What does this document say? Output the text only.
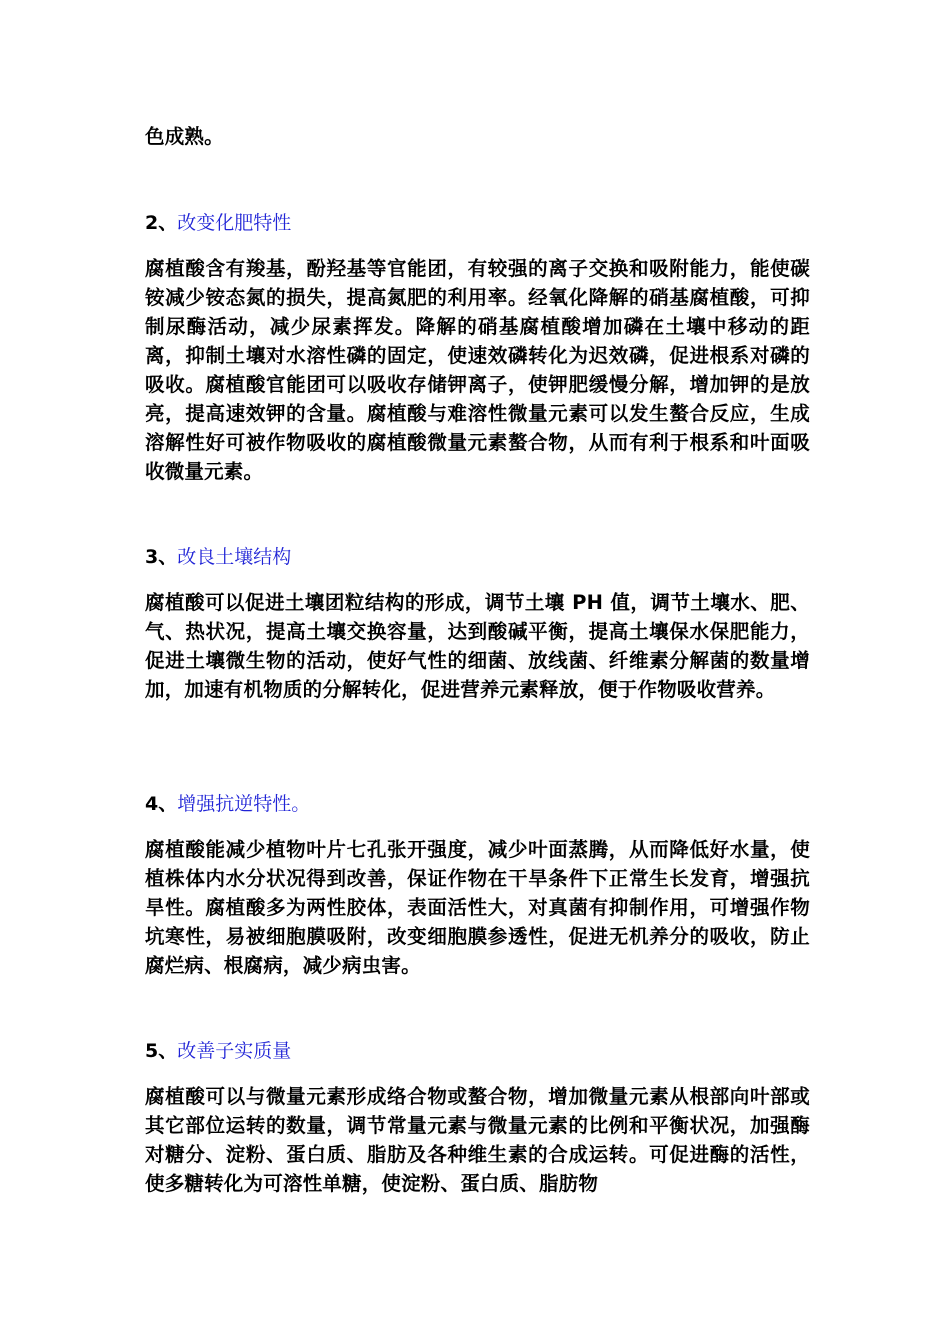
色成熟。
2、改变化肥特性
腐植酸含有羧基，酚羟基等官能团，有较强的离子交换和吸附能力，能使碳铵减少铵态氮的损失，提高氮肥的利用率。经氧化降解的硝基腐植酸，可抑制尿酶活动，减少尿素挥发。降解的硝基腐植酸增加磷在土壤中移动的距离，抑制土壤对水溶性磷的固定，使速效磷转化为迟效磷，促进根系对磷的吸收。腐植酸官能团可以吸收存储钾离子，使钾肥缓慢分解，增加钾的是放亮，提高速效钾的含量。腐植酸与难溶性微量元素可以发生螯合反应，生成溶解性好可被作物吸收的腐植酸微量元素螯合物，从而有利于根系和叶面吸收微量元素。
3、改良土壤结构
腐植酸可以促进土壤团粒结构的形成，调节土壤 PH 值，调节土壤水、肥、气、热状况，提高土壤交换容量，达到酸碱平衡，提高土壤保水保肥能力，促进土壤微生物的活动，使好气性的细菌、放线菌、纤维素分解菌的数量增加，加速有机物质的分解转化，促进营养元素释放，便于作物吸收营养。
4、增强抗逆特性。
腐植酸能减少植物叶片七孔张开强度，减少叶面蒸腾，从而降低好水量，使植株体内水分状况得到改善，保证作物在干旱条件下正常生长发育，增强抗旱性。腐植酸多为两性胶体，表面活性大，对真菌有抑制作用，可增强作物坑寒性，易被细胞膜吸附，改变细胞膜参透性，促进无机养分的吸收，防止腐烂病、根腐病，减少病虫害。
5、改善子实质量
腐植酸可以与微量元素形成络合物或螯合物，增加微量元素从根部向叶部或其它部位运转的数量，调节常量元素与微量元素的比例和平衡状况，加强酶对糖分、淀粉、蛋白质、脂肪及各种维生素的合成运转。可促进酶的活性，使多糖转化为可溶性单糖，使淀粉、蛋白质、脂肪物
